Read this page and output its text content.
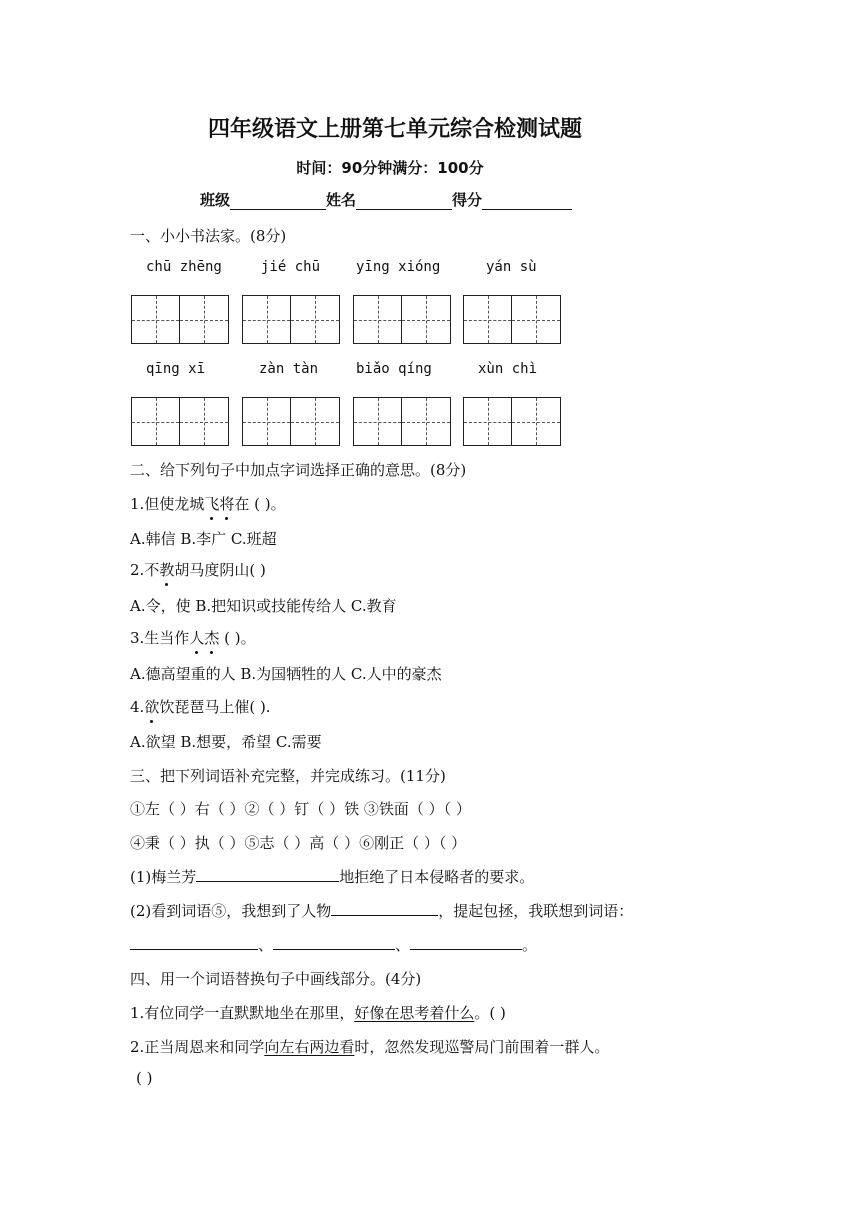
四年级语文上册第七单元综合检测试题
时间：90分钟满分：100分
班级	姓名	得分
一、小小书法家。(8分)
chū zhēng	jié chū	yīng xióng	yán sù
qīng xī	zàn tàn	biǎo qíng	xùn chì
二、给下列句子中加点字词选择正确的意思。(8分)
1.但使龙城飞将在 ( )。
A.韩信 B.李广 C.班超
2.不教胡马度阴山( )
A.令，使 B.把知识或技能传给人 C.教育
3.生当作人杰 ( )。
A.德高望重的人 B.为国牺牲的人 C.人中的豪杰
4.欲饮琵琶马上催( ).
A.欲望 B.想要，希望 C.需要
三、把下列词语补充完整，并完成练习。(11分)
①左（ ）右（ ）②（ ）钉（ ）铁 ③铁面（ ）（ ）
④秉（ ）执（ ）⑤志（ ）高（ ）⑥刚正（ ）（ ）
(1)梅兰芳	地拒绝了日本侵略者的要求。
(2)看到词语⑤，我想到了人物	，提起包拯，我联想到词语：
、	、	。
四、用一个词语替换句子中画线部分。(4分)
1.有位同学一直默默地坐在那里，好像在思考着什么。( )
2.正当周恩来和同学向左右两边看时，忽然发现巡警局门前围着一群人。
( )
